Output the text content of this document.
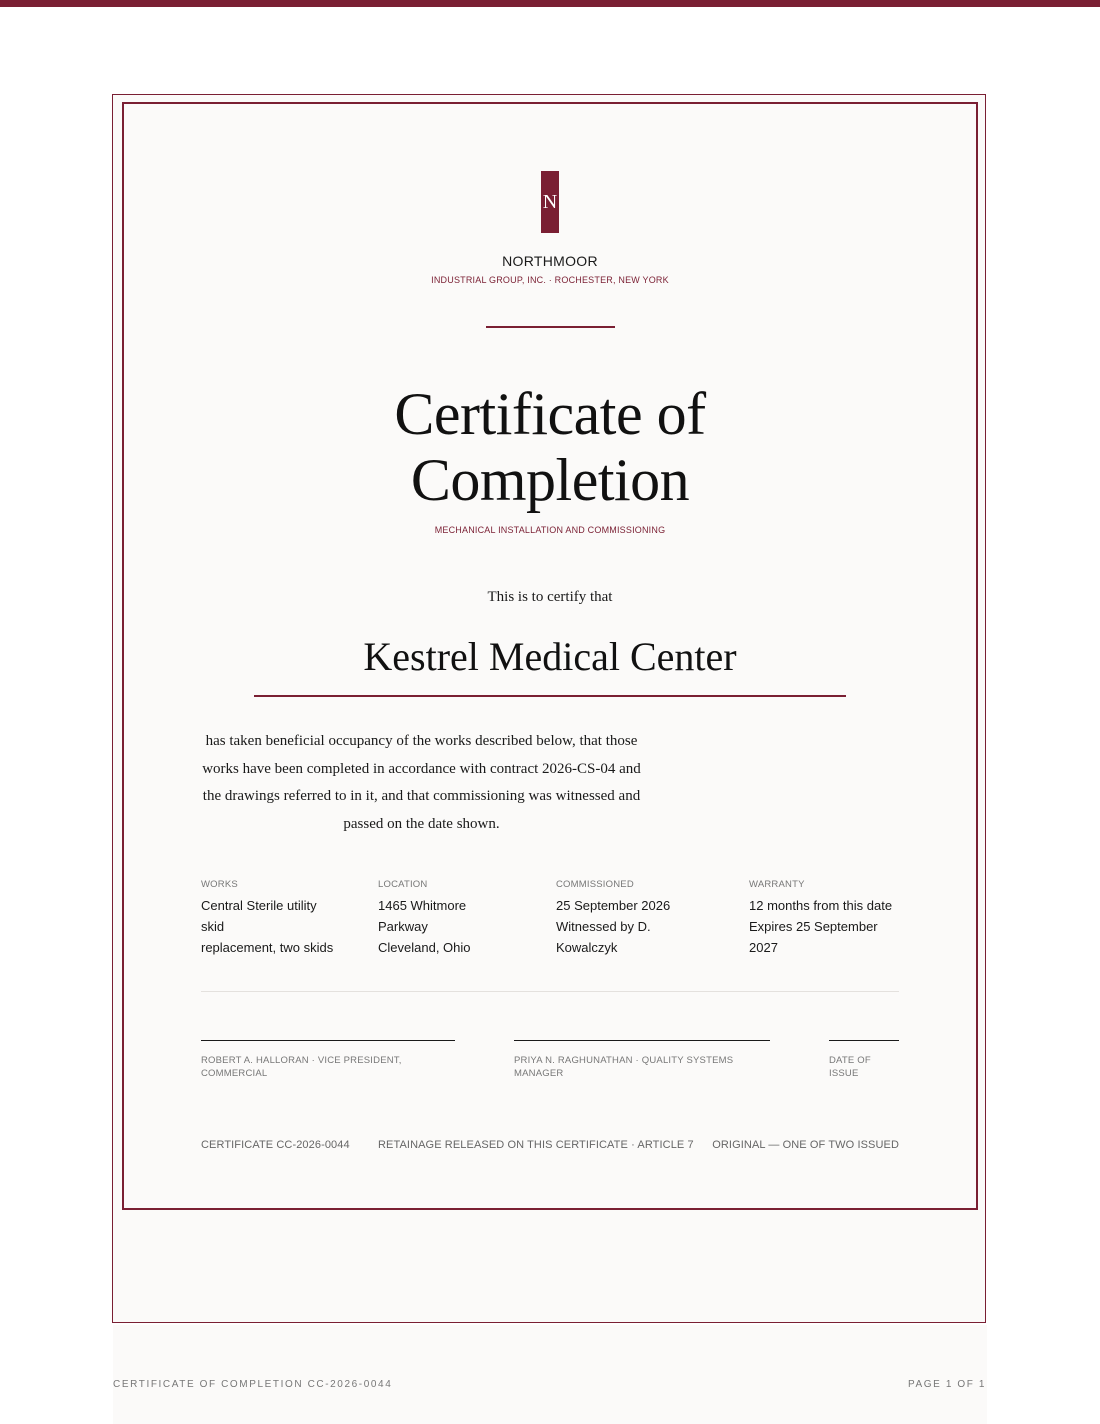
N
NORTHMOOR
INDUSTRIAL GROUP, INC. · ROCHESTER, NEW YORK
Certificate of
Completion
MECHANICAL INSTALLATION AND COMMISSIONING
This is to certify that
Kestrel Medical Center
has taken beneficial occupancy of the works described below, that those works have been completed in accordance with contract 2026-CS-04 and the drawings referred to in it, and that commissioning was witnessed and passed on the date shown.
WORKS
Central Sterile utility
skid
replacement, two skids
LOCATION
1465 Whitmore
Parkway
Cleveland, Ohio
COMMISSIONED
25 September 2026
Witnessed by D.
Kowalczyk
WARRANTY
12 months from this date
Expires 25 September
2027
ROBERT A. HALLORAN · VICE PRESIDENT,
COMMERCIAL
PRIYA N. RAGHUNATHAN · QUALITY SYSTEMS
MANAGER
DATE OF
ISSUE
CERTIFICATE CC-2026-0044	RETAINAGE RELEASED ON THIS CERTIFICATE · ARTICLE 7 ORIGINAL — ONE OF TWO ISSUED
CERTIFICATE OF COMPLETION CC-2026-0044	PAGE 1 OF 1
